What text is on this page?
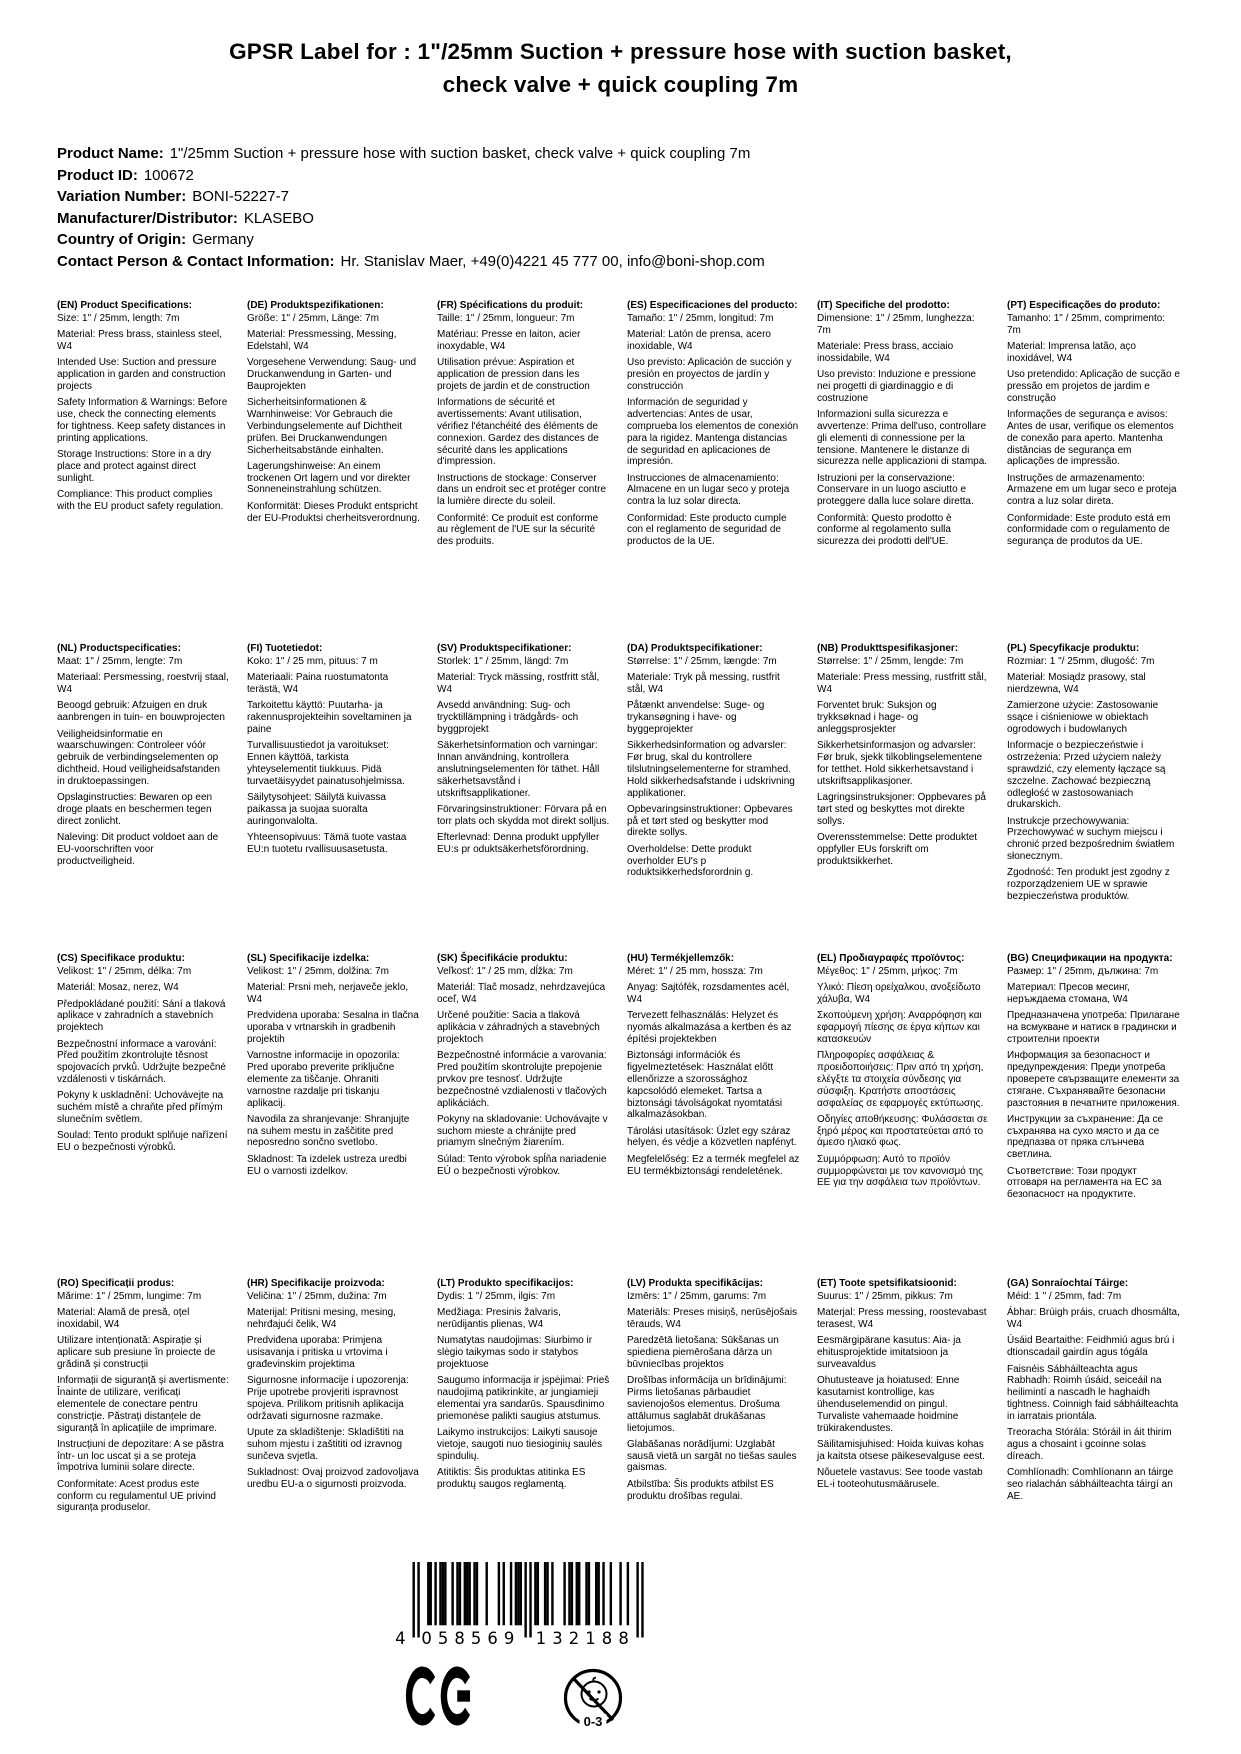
GPSR Label for : 1"/25mm Suction + pressure hose with suction basket, check valve + quick coupling 7m
Product Name: 1"/25mm Suction + pressure hose with suction basket, check valve + quick coupling 7m
Product ID: 100672
Variation Number: BONI-52227-7
Manufacturer/Distributor: KLASEBO
Country of Origin: Germany
Contact Person & Contact Information: Hr. Stanislav Maer, +49(0)4221 45 777 00, info@boni-shop.com
(EN) Product Specifications:

Size: 1" / 25mm, length: 7m

Material: Press brass, stainless steel, W4

Intended Use: Suction and pressure application in garden and construction projects

Safety Information & Warnings: Before use, check the connecting elements for tightness. Keep safety distances in printing applications.

Storage Instructions: Store in a dry place and protect against direct sunlight.

Compliance: This product complies with the EU product safety regulation.

(DE) Produktspezifikationen:

Größe: 1" / 25mm, Länge: 7m

Material: Pressmessing, Messing, Edelstahl, W4

Vorgesehene Verwendung: Saug- und Druckanwendung in Garten- und Bauprojekten

Sicherheitsinformationen & Warnhinweise: Vor Gebrauch die Verbindungselemente auf Dichtheit prüfen. Bei Druckanwendungen Sicherheitsabstände einhalten.

Lagerungshinweise: An einem trockenen Ort lagern und vor direkter Sonneneinstrahlung schützen.

Konformität: Dieses Produkt entspricht der EU-Produktsi cherheitsverordnung.

(FR) Spécifications du produit:

Taille: 1" / 25mm, longueur: 7m

Matériau: Presse en laiton, acier inoxydable, W4

Utilisation prévue: Aspiration et application de pression dans les projets de jardin et de construction

Informations de sécurité et avertissements: Avant utilisation, vérifiez l'étanchéité des éléments de connexion. Gardez des distances de sécurité dans les applications d'impression.

Instructions de stockage: Conserver dans un endroit sec et protéger contre la lumière directe du soleil.

Conformité: Ce produit est conforme au règlement de l'UE sur la sécurité des produits.

(ES) Especificaciones del producto:

Tamaño: 1" / 25mm, longitud: 7m

Material: Latón de prensa, acero inoxidable, W4

Uso previsto: Aplicación de succión y presión en proyectos de jardín y construcción

Información de seguridad y advertencias: Antes de usar, comprueba los elementos de conexión para la rigidez. Mantenga distancias de seguridad en aplicaciones de impresión.

Instrucciones de almacenamiento: Almacene en un lugar seco y proteja contra la luz solar directa.

Conformidad: Este producto cumple con el reglamento de seguridad de productos de la UE.

(IT) Specifiche del prodotto:

Dimensione: 1" / 25mm, lunghezza: 7m

Materiale: Press brass, acciaio inossidabile, W4

Uso previsto: Induzione e pressione nei progetti di giardinaggio e di costruzione

Informazioni sulla sicurezza e avvertenze: Prima dell'uso, controllare gli elementi di connessione per la tensione. Mantenere le distanze di sicurezza nelle applicazioni di stampa.

Istruzioni per la conservazione: Conservare in un luogo asciutto e proteggere dalla luce solare diretta.

Conformità: Questo prodotto è conforme al regolamento sulla sicurezza dei prodotti dell'UE.

(PT) Especificações do produto:

Tamanho: 1" / 25mm, comprimento: 7m

Material: Imprensa latão, aço inoxidável, W4

Uso pretendido: Aplicação de sucção e pressão em projetos de jardim e construção

Informações de segurança e avisos: Antes de usar, verifique os elementos de conexão para aperto. Mantenha distâncias de segurança em aplicações de impressão.

Instruções de armazenamento: Armazene em um lugar seco e proteja contra a luz solar direta.

Conformidade: Este produto está em conformidade com o regulamento de segurança de produtos da UE.

(NL) Productspecificaties:

Maat: 1" / 25mm, lengte: 7m

Materiaal: Persmessing, roestvrij staal, W4

Beoogd gebruik: Afzuigen en druk aanbrengen in tuin- en bouwprojecten

Veiligheidsinformatie en waarschuwingen: Controleer vóór gebruik de verbindingselementen op dichtheid. Houd veiligheidsafstanden in druktoepassingen.

Opslaginstructies: Bewaren op een droge plaats en beschermen tegen direct zonlicht.

Naleving: Dit product voldoet aan de EU-voorschriften voor productveiligheid.

(FI) Tuotetiedot:

Koko: 1" / 25 mm, pituus: 7 m

Materiaali: Paina ruostumatonta terästä, W4

Tarkoitettu käyttö: Puutarha- ja rakennusprojekteihin soveltaminen ja paine

Turvallisuustiedot ja varoitukset: Ennen käyttöä, tarkista yhteyselementit tiukkuus. Pidä turvaetäisyydet painatusohjelmissa.

Säilytysohjeet: Säilytä kuivassa paikassa ja suojaa suoralta auringonvalolta.

Yhteensopivuus: Tämä tuote vastaa EU:n tuotetu rvallisuusasetusta.

(SV) Produktspecifikationer:

Storlek: 1" / 25mm, längd: 7m

Material: Tryck mässing, rostfritt stål, W4

Avsedd användning: Sug- och trycktillämpning i trädgårds- och byggprojekt

Säkerhetsinformation och varningar: Innan användning, kontrollera anslutningselementen för täthet. Håll säkerhetsavstånd i utskriftsapplikationer.

Förvaringsinstruktioner: Förvara på en torr plats och skydda mot direkt solljus.

Efterlevnad: Denna produkt uppfyller EU:s pr oduktsäkerhetsförordning.

(DA) Produktspecifikationer:

Størrelse: 1" / 25mm, længde: 7m

Materiale: Tryk på messing, rustfrit stål, W4

Påtænkt anvendelse: Suge- og trykansøgning i have- og byggeprojekter

Sikkerhedsinformation og advarsler: Før brug, skal du kontrollere tilslutningselementerne for stramhed. Hold sikkerhedsafstande i udskrivning applikationer.

Opbevaringsinstruktioner: Opbevares på et tørt sted og beskytter mod direkte sollys.

Overholdelse: Dette produkt overholder EU's p roduktsikkerhedsforordnin g.

(NB) Produkttspesifikasjoner:

Størrelse: 1" / 25mm, lengde: 7m

Materiale: Press messing, rustfritt stål, W4

Forventet bruk: Suksjon og trykksøknad i hage- og anleggsprosjekter

Sikkerhetsinformasjon og advarsler: Før bruk, sjekk tilkoblingselementene for tetthet. Hold sikkerhetsavstand i utskriftsapplikasjoner.

Lagringsinstruksjoner: Oppbevares på tørt sted og beskyttes mot direkte sollys.

Overensstemmelse: Dette produktet oppfyller EUs forskrift om produktsikkerhet.

(PL) Specyfikacje produktu:

Rozmiar: 1 "/ 25mm, długość: 7m

Materiał: Mosiądz prasowy, stal nierdzewna, W4

Zamierzone użycie: Zastosowanie ssące i ciśnieniowe w obiektach ogrodowych i budowlanych

Informacje o bezpieczeństwie i ostrzeżenia: Przed użyciem należy sprawdzić, czy elementy łączące są szczelne. Zachować bezpieczną odległość w zastosowaniach drukarskich.

Instrukcje przechowywania: Przechowywać w suchym miejscu i chronić przed bezpośrednim światłem słonecznym.

Zgodność: Ten produkt jest zgodny z rozporządzeniem UE w sprawie bezpieczeństwa produktów.

(CS) Specifikace produktu:

Velikost: 1" / 25mm, délka: 7m

Materiál: Mosaz, nerez, W4

Předpokládané použití: Sání a tlaková aplikace v zahradních a stavebních projektech

Bezpečnostní informace a varování: Před použitím zkontrolujte těsnost spojovacích prvků. Udržujte bezpečné vzdálenosti v tiskárnách.

Pokyny k uskladnění: Uchovávejte na suchém místě a chraňte před přímým slunečním světlem.

Soulad: Tento produkt splňuje nařízení EU o bezpečnosti výrobků.

(SL) Specifikacije izdelka:

Velikost: 1" / 25mm, dolžina: 7m

Material: Prsni meh, nerjaveče jeklo, W4

Predvidena uporaba: Sesalna in tlačna uporaba v vrtnarskih in gradbenih projektih

Varnostne informacije in opozorila: Pred uporabo preverite priključne elemente za tiščanje. Ohraniti varnostne razdalje pri tiskanju aplikacij.

Navodila za shranjevanje: Shranjujte na suhem mestu in zaščitite pred neposredno sončno svetlobo.

Skladnost: Ta izdelek ustreza uredbi EU o varnosti izdelkov.

(SK) Špecifikácie produktu:

Veľkosť: 1" / 25 mm, dĺžka: 7m

Materiál: Tlač mosadz, nehrdzavejúca oceľ, W4

Určené použitie: Sacia a tlaková aplikácia v záhradných a stavebných projektoch

Bezpečnostné informácie a varovania: Pred použitím skontrolujte prepojenie prvkov pre tesnosť. Udržujte bezpečnostné vzdialenosti v tlačových aplikáciách.

Pokyny na skladovanie: Uchovávajte v suchom mieste a chránijte pred priamym slnečným žiarením.

Súlad: Tento výrobok spĺňa nariadenie EÚ o bezpečnosti výrobkov.

(HU) Termékjellemzők:

Méret: 1" / 25 mm, hossza: 7m

Anyag: Sajtófék, rozsdamentes acél, W4

Tervezett felhasználás: Helyzet és nyomás alkalmazása a kertben és az építési projektekben

Biztonsági információk és figyelmeztetések: Használat előtt ellenőrizze a szorossághoz kapcsolódó elemeket. Tartsa a biztonsági távolságokat nyomtatási alkalmazásokban.

Tárolási utasítások: Üzlet egy száraz helyen, és védje a közvetlen napfényt.

Megfelelőség: Ez a termék megfelel az EU termékbiztonsági rendeletének.

(EL) Προδιαγραφές προϊόντος:

Μέγεθος: 1" / 25mm, μήκος: 7m

Υλικό: Πίεση ορείχαλκου, ανοξείδωτο χάλυβα, W4

Σκοπούμενη χρήση: Αναρρόφηση και εφαρμογή πίεσης σε έργα κήπων και κατασκευών

Πληροφορίες ασφάλειας & προειδοποιήσεις: Πριν από τη χρήση, ελέγξτε τα στοιχεία σύνδεσης για σύσφιξη. Κρατήστε αποστάσεις ασφαλείας σε εφαρμογές εκτύπωσης.

Οδηγίες αποθήκευσης: Φυλάσσεται σε ξηρό μέρος και προστατεύεται από το άμεσο ηλιακό φως.

Συμμόρφωση: Αυτό το προϊόν συμμορφώνεται με τον κανονισμό της ΕΕ για την ασφάλεια των προϊόντων.

(BG) Спецификации на продукта:

Размер: 1" / 25mm, дължина: 7m

Материал: Пресов месинг, неръждаема стомана, W4

Предназначена употреба: Прилагане на всмукване и натиск в градински и строителни проекти

Информация за безопасност и предупреждения: Преди употреба проверете свързващите елементи за стягане. Съхранявайте безопасни разстояния в печатните приложения.

Инструкции за съхранение: Да се съхранява на сухо място и да се предпазва от пряка слънчева светлина.

Съответствие: Този продукт отговаря на регламента на ЕС за безопасност на продуктите.

(RO) Specificații produs:

Mărime: 1" / 25mm, lungime: 7m

Material: Alamă de presă, oțel inoxidabil, W4

Utilizare intenționată: Aspirație și aplicare sub presiune în proiecte de grădină și construcții

Informații de siguranță și avertismente: Înainte de utilizare, verificați elementele de conectare pentru constricție. Păstrați distanțele de siguranță în aplicațiile de imprimare.

Instrucțiuni de depozitare: A se păstra într- un loc uscat și a se proteja împotriva luminii solare directe.

Conformitate: Acest produs este conform cu regulamentul UE privind siguranța produselor.

(HR) Specifikacije proizvoda:

Veličina: 1" / 25mm, dužina: 7m

Materijal: Pritisni mesing, mesing, nehrđajući čelik, W4

Predviđena uporaba: Primjena usisavanja i pritiska u vrtovima i građevinskim projektima

Sigurnosne informacije i upozorenja: Prije upotrebe provjeriti ispravnost spojeva. Prilikom pritisnih aplikacija održavati sigurnosne razmake.

Upute za skladištenje: Skladištiti na suhom mjestu i zaštititi od izravnog sunčeva svjetla.

Sukladnost: Ovaj proizvod zadovoljava uredbu EU-a o sigurnosti proizvoda.

(LT) Produkto specifikacijos:

Dydis: 1 "/ 25mm, ilgis: 7m

Medžiaga: Presinis žalvaris, nerūdijantis plienas, W4

Numatytas naudojimas: Siurbimo ir slėgio taikymas sodo ir statybos projektuose

Saugumo informacija ir įspėjimai: Prieš naudojimą patikrinkite, ar jungiamieji elementai yra sandarūs. Spausdinimo priemonėse palikti saugius atstumus.

Laikymo instrukcijos: Laikyti sausoje vietoje, saugoti nuo tiesioginių saulės spindulių.

Atitiktis: Šis produktas atitinka ES produktų saugos reglamentą.

(LV) Produkta specifikācijas:

Izmērs: 1" / 25mm, garums: 7m

Materiāls: Preses misiņš, nerūsējošais tērauds, W4

Paredzētā lietošana: Sūkšanas un spiediena piemērošana dārza un būvniecības projektos

Drošības informācija un brīdinājumi: Pirms lietošanas pārbaudiet savienojošos elementus. Drošuma attālumus saglabāt drukāšanas lietojumos.

Glabāšanas norādījumi: Uzglabāt sausā vietā un sargāt no tiešas saules gaismas.

Atbilstība: Šis produkts atbilst ES produktu drošības regulai.

(ET) Toote spetsifikatsioonid:

Suurus: 1" / 25mm, pikkus: 7m

Materjal: Press messing, roostevabast terasest, W4

Eesmärgipärane kasutus: Aia- ja ehitusprojektide imitatsioon ja surveavaldus

Ohutusteave ja hoiatused: Enne kasutamist kontrollige, kas ühenduselemendid on pingul. Turvaliste vahemaade hoidmine trükirakendustes.

Säilitamisjuhised: Hoida kuivas kohas ja kaitsta otsese päikesevalguse eest.

Nõuetele vastavus: See toode vastab EL-i tooteohutusmäärusele.

(GA) Sonraíochtaí Táirge:

Méid: 1 " / 25mm, fad: 7m

Ábhar: Brúigh práis, cruach dhosmálta, W4

Úsáid Beartaithe: Feidhmiú agus brú i dtionscadail gairdín agus tógála

Faisnéis Sábháilteachta agus Rabhadh: Roimh úsáid, seiceáil na heilimintí a nascadh le haghaidh tightness. Coinnigh faid sábháilteachta in iarratais priontála.

Treoracha Stórála: Stóráil in áit thirim agus a chosaint i gcoinne solas díreach.

Comhlíonadh: Comhlíonann an táirge seo rialachán sábháilteachta táirgí an AE.

4 058569 132188
0-3
